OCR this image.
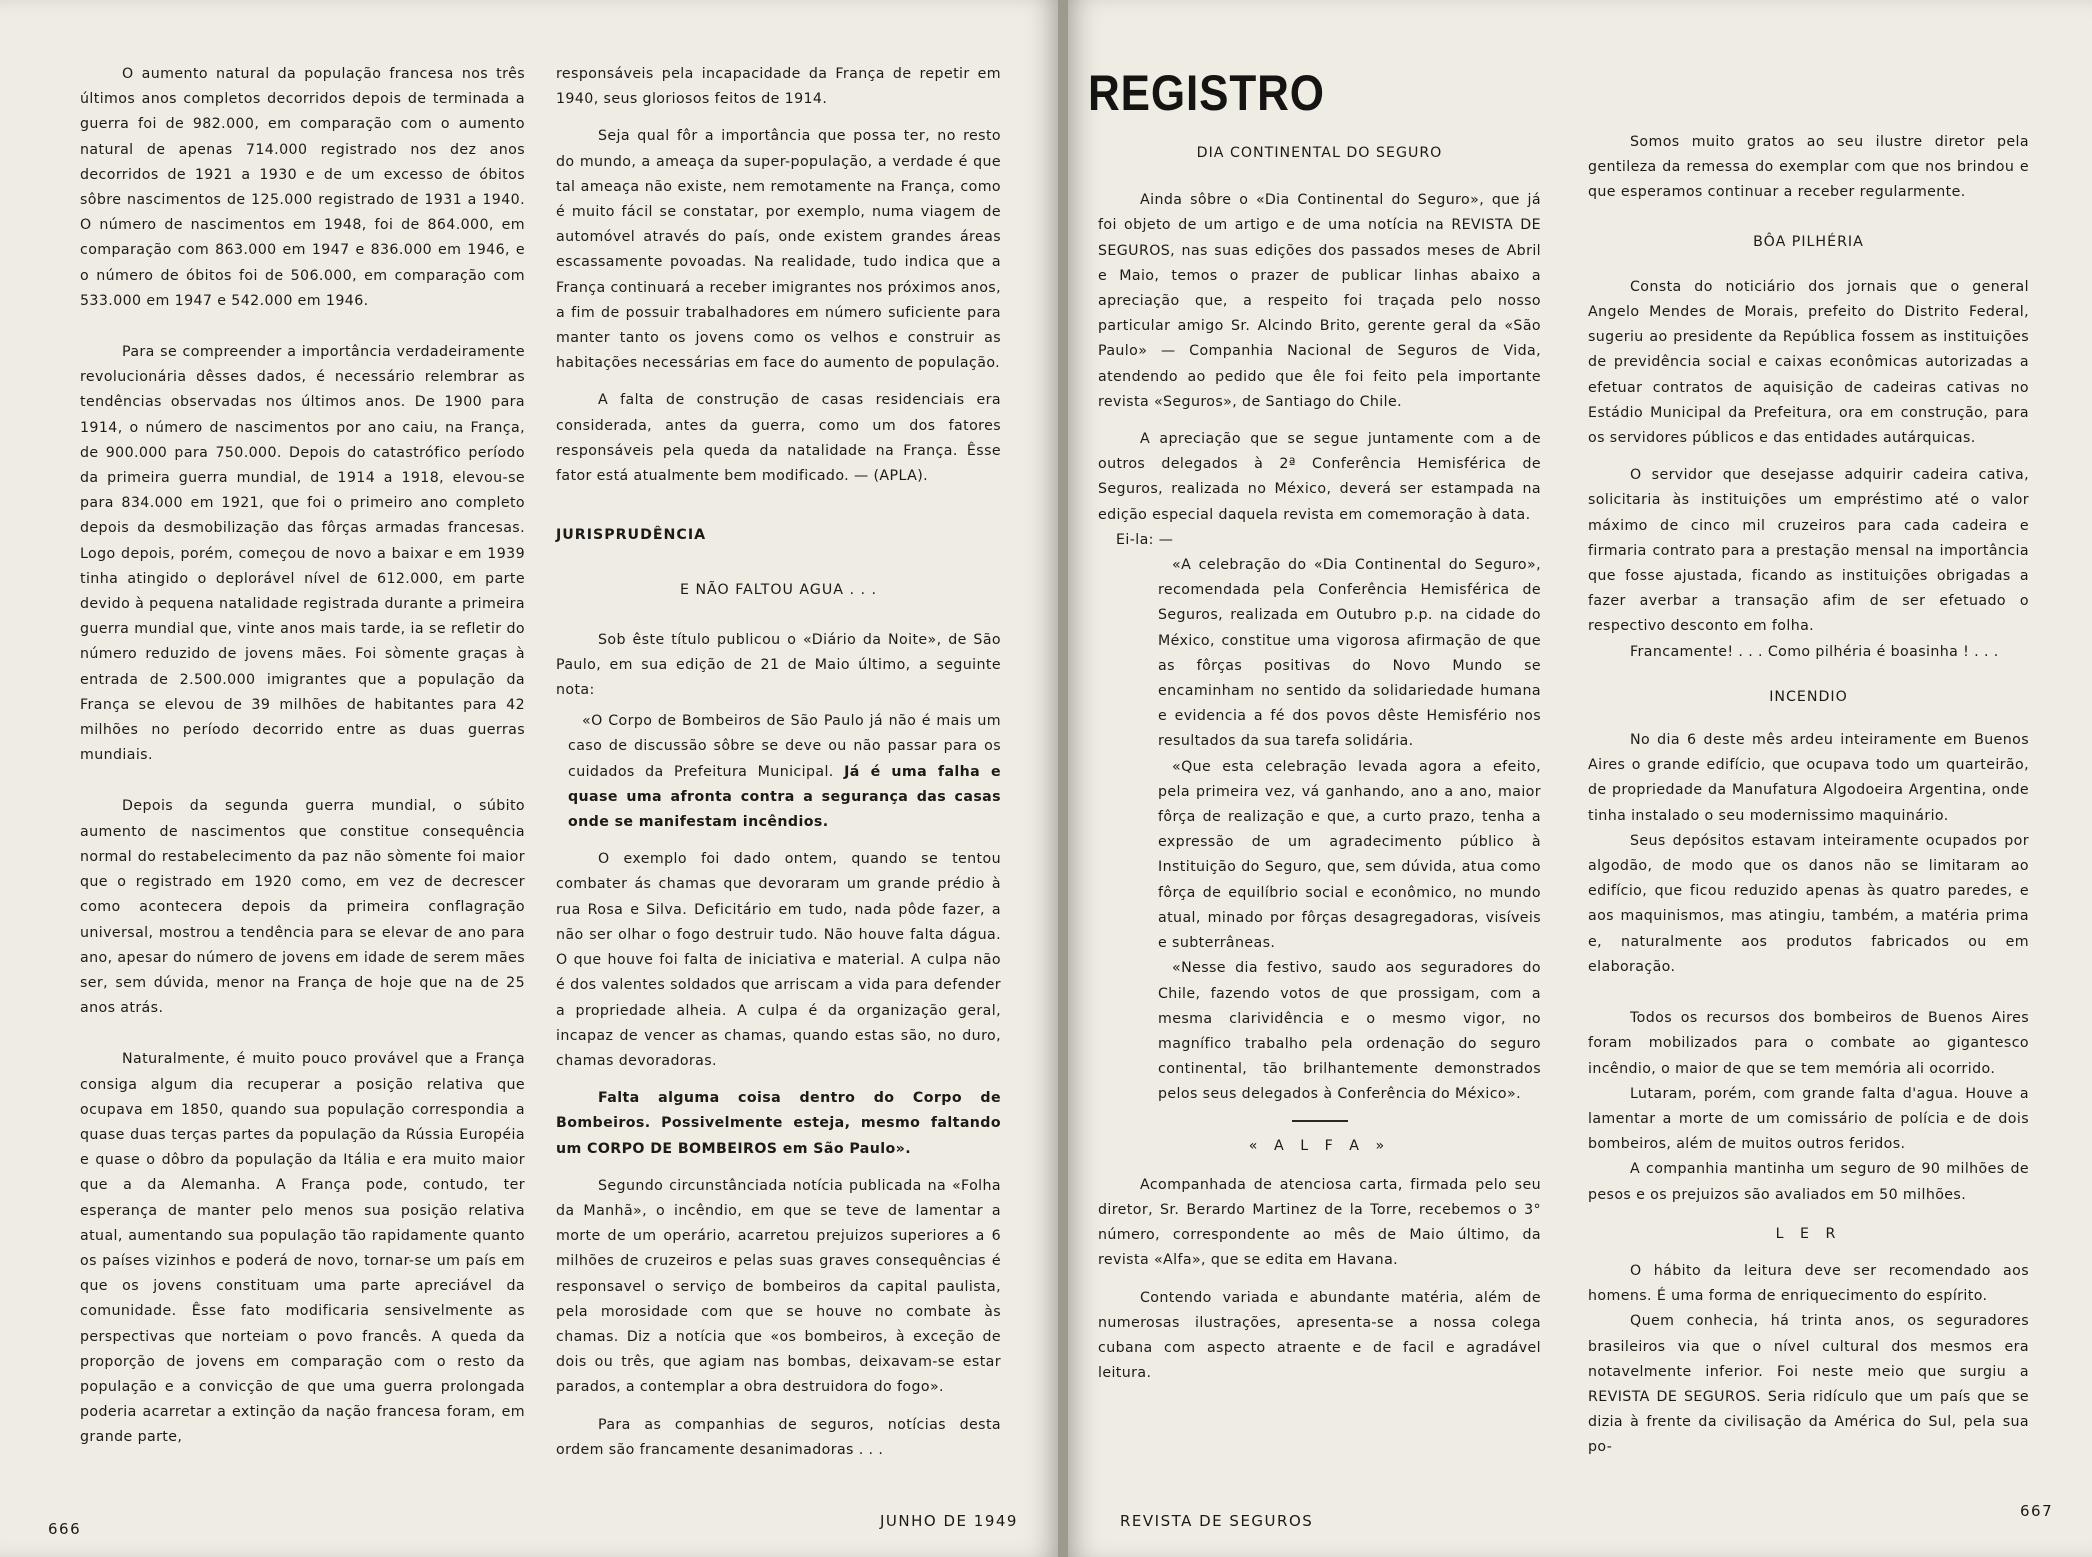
O aumento natural da população francesa nos três últimos anos completos decorridos depois de terminada a guerra foi de 982.000, em comparação com o aumento natural de apenas 714.000 registrado nos dez anos decorridos de 1921 a 1930 e de um excesso de óbitos sôbre nascimentos de 125.000 registrado de 1931 a 1940. O número de nascimentos em 1948, foi de 864.000, em comparação com 863.000 em 1947 e 836.000 em 1946, e o número de óbitos foi de 506.000, em comparação com 533.000 em 1947 e 542.000 em 1946.

Para se compreender a importância verdadeiramente revolucionária dêsses dados, é necessário relembrar as tendências observadas nos últimos anos. De 1900 para 1914, o número de nascimentos por ano caiu, na França, de 900.000 para 750.000. Depois do catastrófico período da primeira guerra mundial, de 1914 a 1918, elevou-se para 834.000 em 1921, que foi o primeiro ano completo depois da desmobilização das fôrças armadas francesas. Logo depois, porém, começou de novo a baixar e em 1939 tinha atingido o deplorável nível de 612.000, em parte devido à pequena natalidade registrada durante a primeira guerra mundial que, vinte anos mais tarde, ia se refletir do número reduzido de jovens mães. Foi sòmente graças à entrada de 2.500.000 imigrantes que a população da França se elevou de 39 milhões de habitantes para 42 milhões no período decorrido entre as duas guerras mundiais.

Depois da segunda guerra mundial, o súbito aumento de nascimentos que constitue consequência normal do restabelecimento da paz não sòmente foi maior que o registrado em 1920 como, em vez de decrescer como acontecera depois da primeira conflagração universal, mostrou a tendência para se elevar de ano para ano, apesar do número de jovens em idade de serem mães ser, sem dúvida, menor na França de hoje que na de 25 anos atrás.

Naturalmente, é muito pouco provável que a França consiga algum dia recuperar a posição relativa que ocupava em 1850, quando sua população correspondia a quase duas terças partes da população da Rússia Européia e quase o dôbro da população da Itália e era muito maior que a da Alemanha. A França pode, contudo, ter esperança de manter pelo menos sua posição relativa atual, aumentando sua população tão rapidamente quanto os países vizinhos e poderá de novo, tornar-se um país em que os jovens constituam uma parte apreciável da comunidade. Êsse fato modificaria sensivelmente as perspectivas que norteiam o povo francês. A queda da proporção de jovens em comparação com o resto da população e a convicção de que uma guerra prolongada poderia acarretar a extinção da nação francesa foram, em grande parte,

responsáveis pela incapacidade da França de repetir em 1940, seus gloriosos feitos de 1914.

Seja qual fôr a importância que possa ter, no resto do mundo, a ameaça da super-população, a verdade é que tal ameaça não existe, nem remotamente na França, como é muito fácil se constatar, por exemplo, numa viagem de automóvel através do país, onde existem grandes áreas escassamente povoadas. Na realidade, tudo indica que a França continuará a receber imigrantes nos próximos anos, a fim de possuir trabalhadores em número suficiente para manter tanto os jovens como os velhos e construir as habitações necessárias em face do aumento de população.

A falta de construção de casas residenciais era considerada, antes da guerra, como um dos fatores responsáveis pela queda da natalidade na França. Êsse fator está atualmente bem modificado. — (APLA).

JURISPRUDÊNCIA
E NÃO FALTOU AGUA . . .

Sob êste título publicou o «Diário da Noite», de São Paulo, em sua edição de 21 de Maio último, a seguinte nota:

«O Corpo de Bombeiros de São Paulo já não é mais um caso de discussão sôbre se deve ou não passar para os cuidados da Prefeitura Municipal. Já é uma falha e quase uma afronta contra a segurança das casas onde se manifestam incêndios.

O exemplo foi dado ontem, quando se tentou combater ás chamas que devoraram um grande prédio à rua Rosa e Silva. Deficitário em tudo, nada pôde fazer, a não ser olhar o fogo destruir tudo. Não houve falta dágua. O que houve foi falta de iniciativa e material. A culpa não é dos valentes soldados que arriscam a vida para defender a propriedade alheia. A culpa é da organização geral, incapaz de vencer as chamas, quando estas são, no duro, chamas devoradoras.

Falta alguma coisa dentro do Corpo de Bombeiros. Possivelmente esteja, mesmo faltando um CORPO DE BOMBEIROS em São Paulo».

Segundo circunstânciada notícia publicada na «Folha da Manhã», o incêndio, em que se teve de lamentar a morte de um operário, acarretou prejuizos superiores a 6 milhões de cruzeiros e pelas suas graves consequências é responsavel o serviço de bombeiros da capital paulista, pela morosidade com que se houve no combate às chamas. Diz a notícia que «os bombeiros, à exceção de dois ou três, que agiam nas bombas, deixavam-se estar parados, a contemplar a obra destruidora do fogo».

Para as companhias de seguros, notícias desta ordem são francamente desanimadoras . . .

666	JUNHO DE 1949
REGISTRO
DIA CONTINENTAL DO SEGURO

Ainda sôbre o «Dia Continental do Seguro», que já foi objeto de um artigo e de uma notícia na REVISTA DE SEGUROS, nas suas edições dos passados meses de Abril e Maio, temos o prazer de publicar linhas abaixo a apreciação que, a respeito foi traçada pelo nosso particular amigo Sr. Alcindo Brito, gerente geral da «São Paulo» — Companhia Nacional de Seguros de Vida, atendendo ao pedido que êle foi feito pela importante revista «Seguros», de Santiago do Chile.

A apreciação que se segue juntamente com a de outros delegados à 2ª Conferência Hemisférica de Seguros, realizada no México, deverá ser estampada na edição especial daquela revista em comemoração à data.

Ei-la: —

«A celebração do «Dia Continental do Seguro», recomendada pela Conferência Hemisférica de Seguros, realizada em Outubro p.p. na cidade do México, constitue uma vigorosa afirmação de que as fôrças positivas do Novo Mundo se encaminham no sentido da solidariedade humana e evidencia a fé dos povos dêste Hemisfério nos resultados da sua tarefa solidária.

«Que esta celebração levada agora a efeito, pela primeira vez, vá ganhando, ano a ano, maior fôrça de realização e que, a curto prazo, tenha a expressão de um agradecimento público à Instituição do Seguro, que, sem dúvida, atua como fôrça de equilíbrio social e econômico, no mundo atual, minado por fôrças desagregadoras, visíveis e subterrâneas.

«Nesse dia festivo, saudo aos seguradores do Chile, fazendo votos de que prossigam, com a mesma clarividência e o mesmo vigor, no magnífico trabalho pela ordenação do seguro continental, tão brilhantemente demonstrados pelos seus delegados à Conferência do México».

« A L F A »

Acompanhada de atenciosa carta, firmada pelo seu diretor, Sr. Berardo Martinez de la Torre, recebemos o 3° número, correspondente ao mês de Maio último, da revista «Alfa», que se edita em Havana.

Contendo variada e abundante matéria, além de numerosas ilustrações, apresenta-se a nossa colega cubana com aspecto atraente e de facil e agradável leitura.

Somos muito gratos ao seu ilustre diretor pela gentileza da remessa do exemplar com que nos brindou e que esperamos continuar a receber regularmente.

BÔA PILHÉRIA

Consta do noticiário dos jornais que o general Angelo Mendes de Morais, prefeito do Distrito Federal, sugeriu ao presidente da República fossem as instituições de previdência social e caixas econômicas autorizadas a efetuar contratos de aquisição de cadeiras cativas no Estádio Municipal da Prefeitura, ora em construção, para os servidores públicos e das entidades autárquicas.

O servidor que desejasse adquirir cadeira cativa, solicitaria às instituições um empréstimo até o valor máximo de cinco mil cruzeiros para cada cadeira e firmaria contrato para a prestação mensal na importância que fosse ajustada, ficando as instituições obrigadas a fazer averbar a transação afim de ser efetuado o respectivo desconto em folha.

Francamente! . . . Como pilhéria é boasinha ! . . .

INCENDIO

No dia 6 deste mês ardeu inteiramente em Buenos Aires o grande edifício, que ocupava todo um quarteirão, de propriedade da Manufatura Algodoeira Argentina, onde tinha instalado o seu modernissimo maquinário.

Seus depósitos estavam inteiramente ocupados por algodão, de modo que os danos não se limitaram ao edifício, que ficou reduzido apenas às quatro paredes, e aos maquinismos, mas atingiu, também, a matéria prima e, naturalmente aos produtos fabricados ou em elaboração.

Todos os recursos dos bombeiros de Buenos Aires foram mobilizados para o combate ao gigantesco incêndio, o maior de que se tem memória ali ocorrido.

Lutaram, porém, com grande falta d'agua. Houve a lamentar a morte de um comissário de polícia e de dois bombeiros, além de muitos outros feridos.

A companhia mantinha um seguro de 90 milhões de pesos e os prejuizos são avaliados em 50 milhões.

L E R

O hábito da leitura deve ser recomendado aos homens. É uma forma de enriquecimento do espírito.

Quem conhecia, há trinta anos, os seguradores brasileiros via que o nível cultural dos mesmos era notavelmente inferior. Foi neste meio que surgiu a REVISTA DE SEGUROS. Seria ridículo que um país que se dizia à frente da civilisação da América do Sul, pela sua po-

REVISTA DE SEGUROS
667
